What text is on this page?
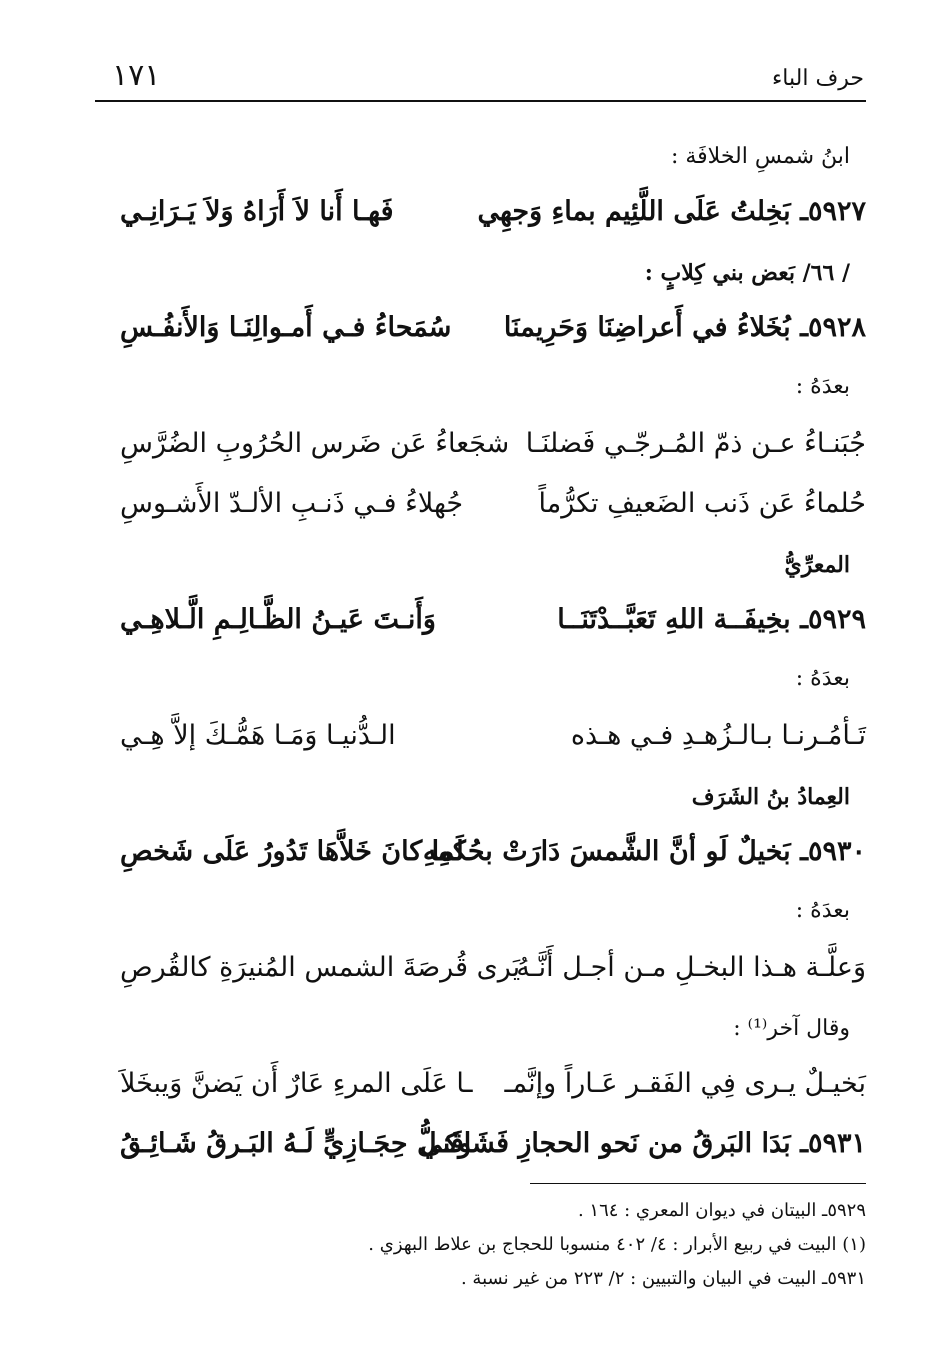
١٧١	حرف الباء
ابنُ شمسِ الخلافَة :
٥٩٢٧ـ بَخِلتُ عَلَى اللَّئِيم بماءِ وَجهِي
فَهـا أَنا لاَ أَرَاهُ وَلاَ يَـرَانِـي
/ ٦٦/ بَعض بني كِلابٍ :
٥٩٢٨ـ بُخَلاءُ في أَعراضِنَا وَحَرِيمنَا
سُمَحاءُ فـي أَمـوالِنَـا وَالأَنفُـسِ
بعدَهُ :
جُبَنـاءُ عـن ذمّ المُـرجّـي فَضلنَـا
شجَعاءُ عَن ضَرس الحُرُوبِ الضُرَّسِ
حُلماءُ عَن ذَنب الضَعيفِ تكرُّماً
جُهلاءُ فـي ذَنـبِ الألـدّ الأَشـوسِ
المعرِّيُّ
٥٩٢٩ـ بخِيفَــة اللهِ تَعَبَّــدْتَنَــا
وَأَنـتَ عَيـنُ الظَّـالِـمِ الَّـلاهِـي
بعدَهُ :
تَـأمُـرنـا بـالـزُهـدِ فـي هـذه
الـدُّنيـا وَمَـا هَمُّـكَ إلاَّ هِـي
العِمادُ بنُ الشَرَف
٥٩٣٠ـ بَخيلٌ لَو أنَّ الشَّمسَ دَارَتْ بحُكمِهِ
لَما كانَ خَلاَّهَا تَدُورُ عَلَى شَخصِ
بعدَهُ :
وَعلَّـة هـذا البخـلِ مـن أجـل أَنَّـهُ
يَرى قُرصَةَ الشمس المُنيرَةِ كالقُرصِ
وقال آخر⁽¹⁾ :
بَخيـلٌ يـرى فِي الفَقـر عَـاراً وإنَّمـ
ـا عَلَى المرءِ عَارٌ أَن يَضنَّ وَيبخَلاَ
٥٩٣١ـ بَدَا البَرقُ من نَحو الحجازِ فَشَاقَني
وكـلُّ حِجَـازِيٍّ لَـهُ البَـرقُ شَـائِـقُ
٥٩٢٩ـ البيتان في ديوان المعري : ١٦٤ .
(١) البيت في ربيع الأبرار : ٤/ ٤٠٢ منسوبا للحجاج بن علاط البهزي .
٥٩٣١ـ البيت في البيان والتبيين : ٢/ ٢٢٣ من غير نسبة .
